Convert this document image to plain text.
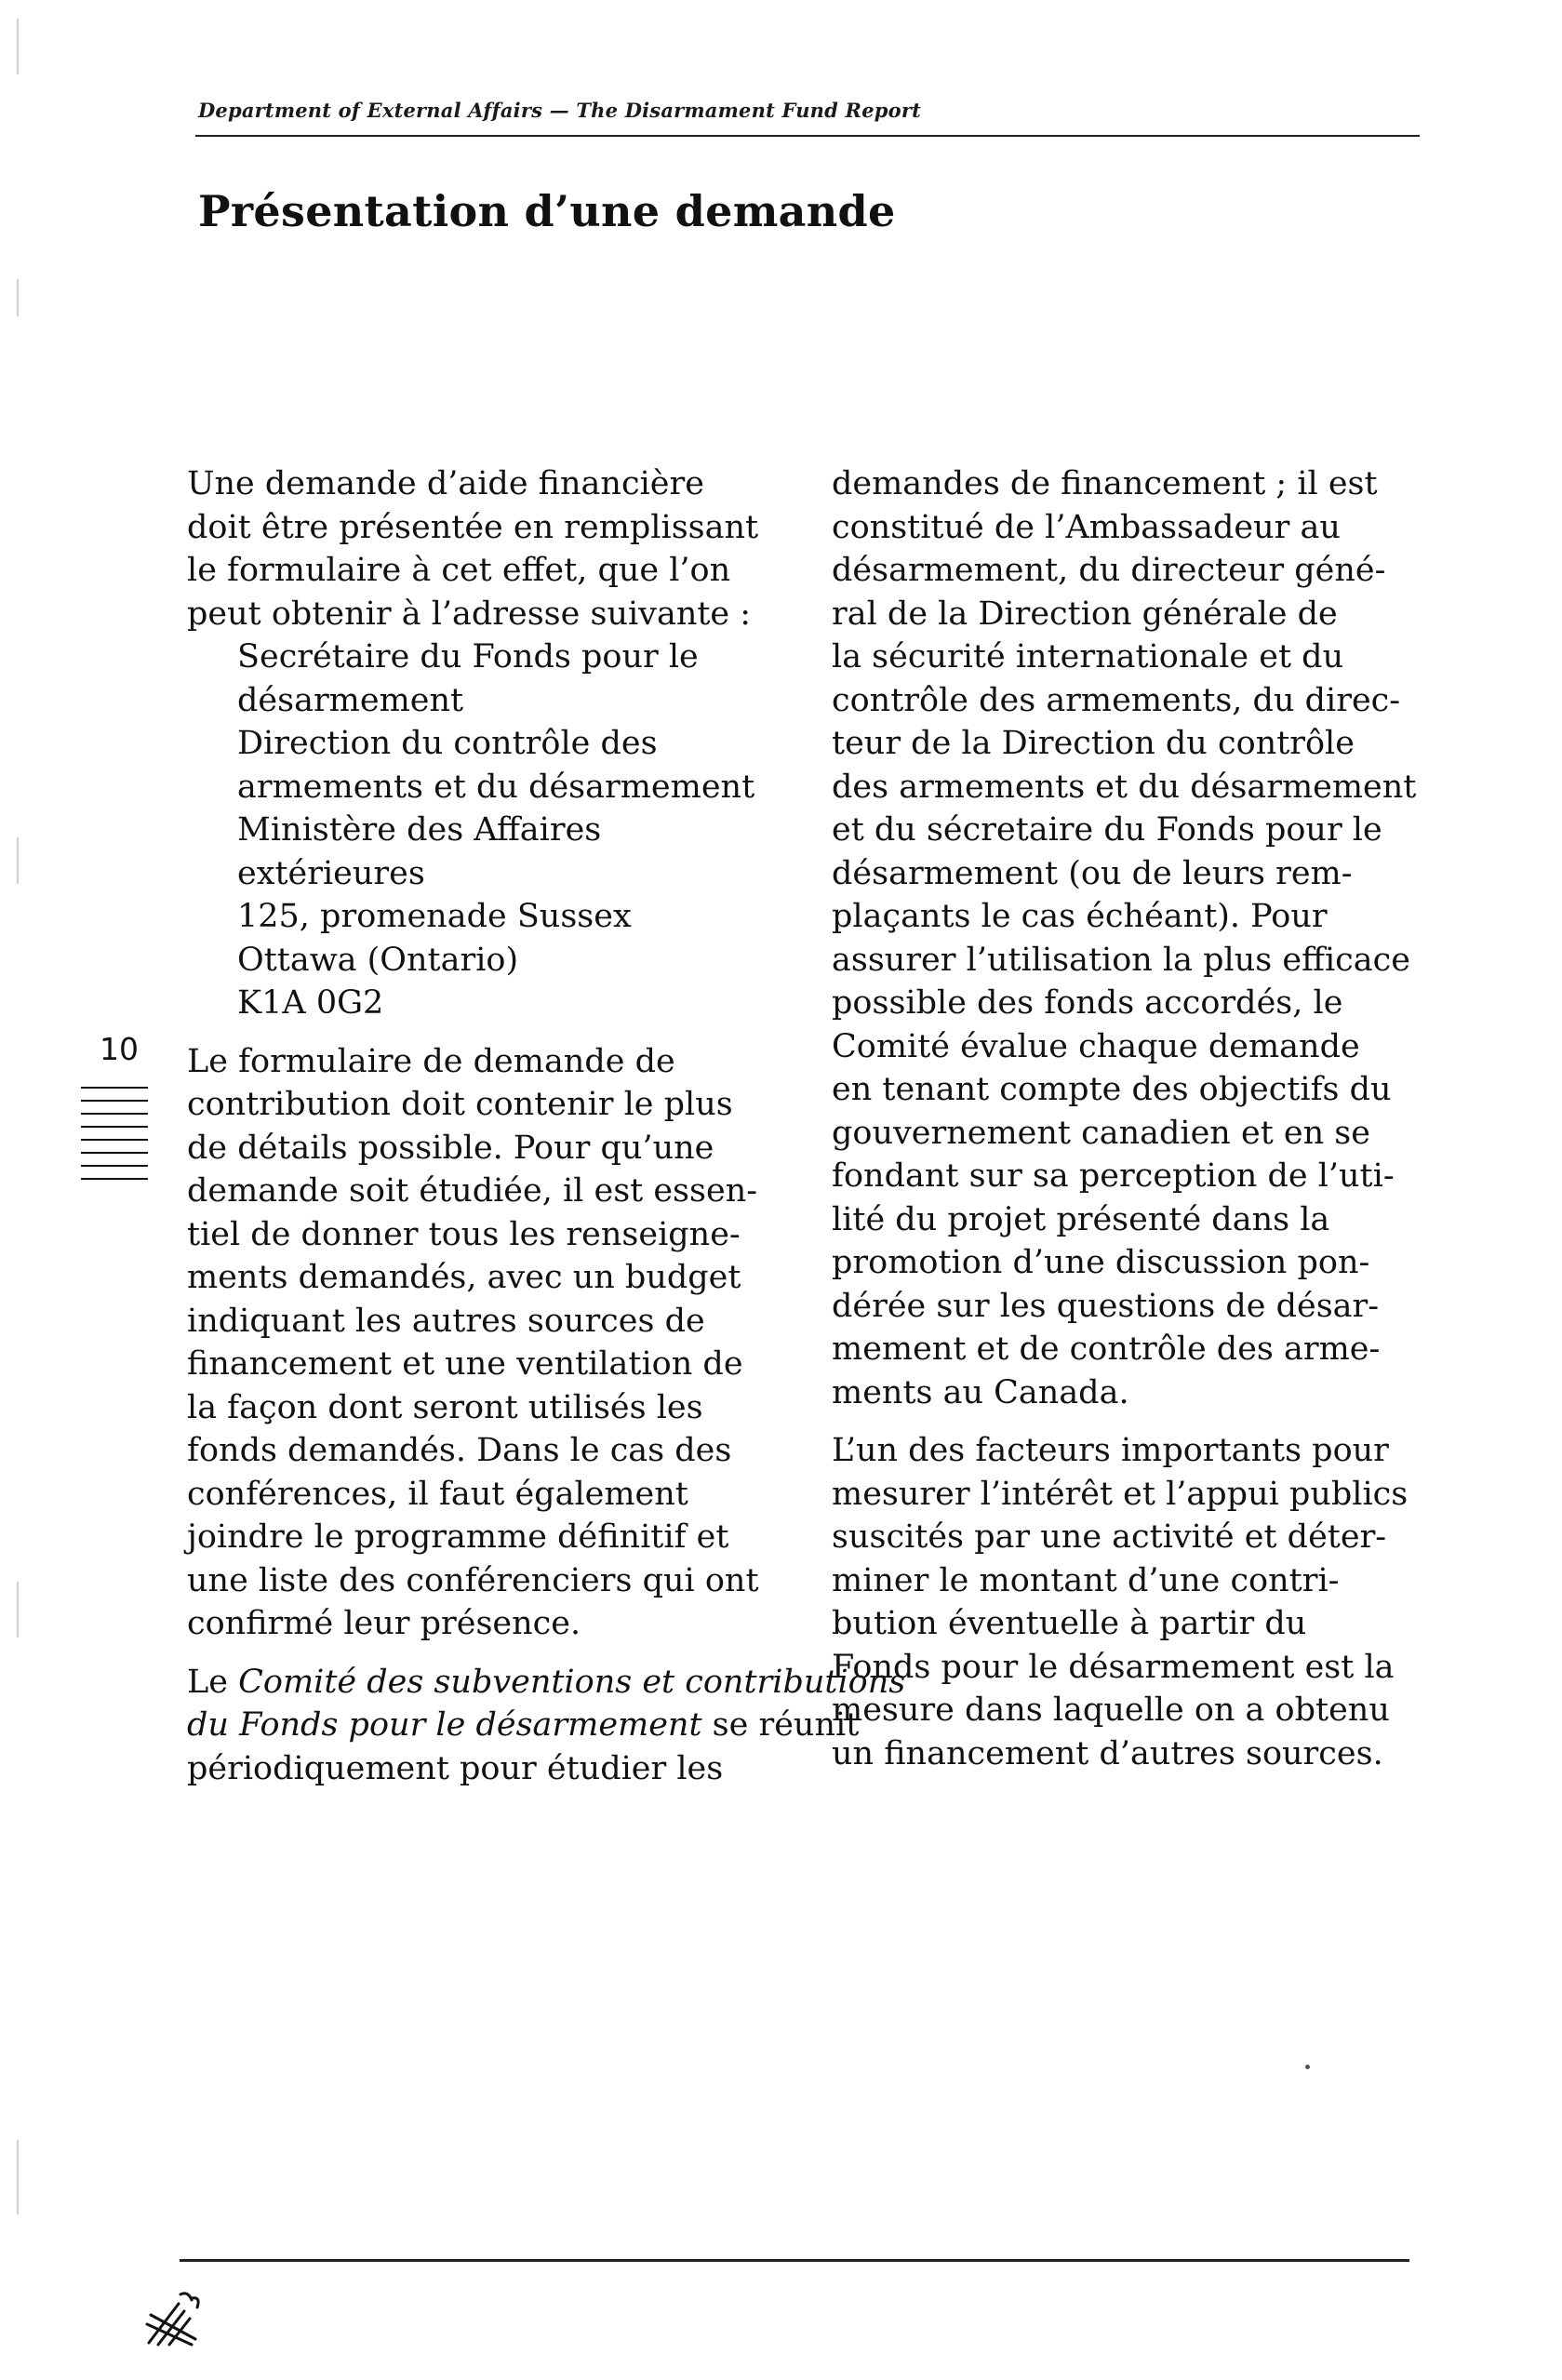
Department of External Affairs — The Disarmament Fund Report
Présentation d’une demande

Une demande d’aide financière
doit être présentée en remplissant
le formulaire à cet effet, que l’on
peut obtenir à l’adresse suivante :

Secrétaire du Fonds pour le
désarmement
Direction du contrôle des
armements et du désarmement
Ministère des Affaires
extérieures
125, promenade Sussex
Ottawa (Ontario)
K1A 0G2

Le formulaire de demande de
contribution doit contenir le plus
de détails possible. Pour qu’une
demande soit étudiée, il est essen-
tiel de donner tous les renseigne-
ments demandés, avec un budget
indiquant les autres sources de
financement et une ventilation de
la façon dont seront utilisés les
fonds demandés. Dans le cas des
conférences, il faut également
joindre le programme définitif et
une liste des conférenciers qui ont
confirmé leur présence.

Le Comité des subventions et contributions
du Fonds pour le désarmement se réunit
périodiquement pour étudier les

demandes de financement ; il est
constitué de l’Ambassadeur au
désarmement, du directeur géné-
ral de la Direction générale de
la sécurité internationale et du
contrôle des armements, du direc-
teur de la Direction du contrôle
des armements et du désarmement
et du sécretaire du Fonds pour le
désarmement (ou de leurs rem-
plaçants le cas échéant). Pour
assurer l’utilisation la plus efficace
possible des fonds accordés, le
Comité évalue chaque demande
en tenant compte des objectifs du
gouvernement canadien et en se
fondant sur sa perception de l’uti-
lité du projet présenté dans la
promotion d’une discussion pon-
dérée sur les questions de désar-
mement et de contrôle des arme-
ments au Canada.

L’un des facteurs importants pour
mesurer l’intérêt et l’appui publics
suscités par une activité et déter-
miner le montant d’une contri-
bution éventuelle à partir du
Fonds pour le désarmement est la
mesure dans laquelle on a obtenu
un financement d’autres sources.

10
